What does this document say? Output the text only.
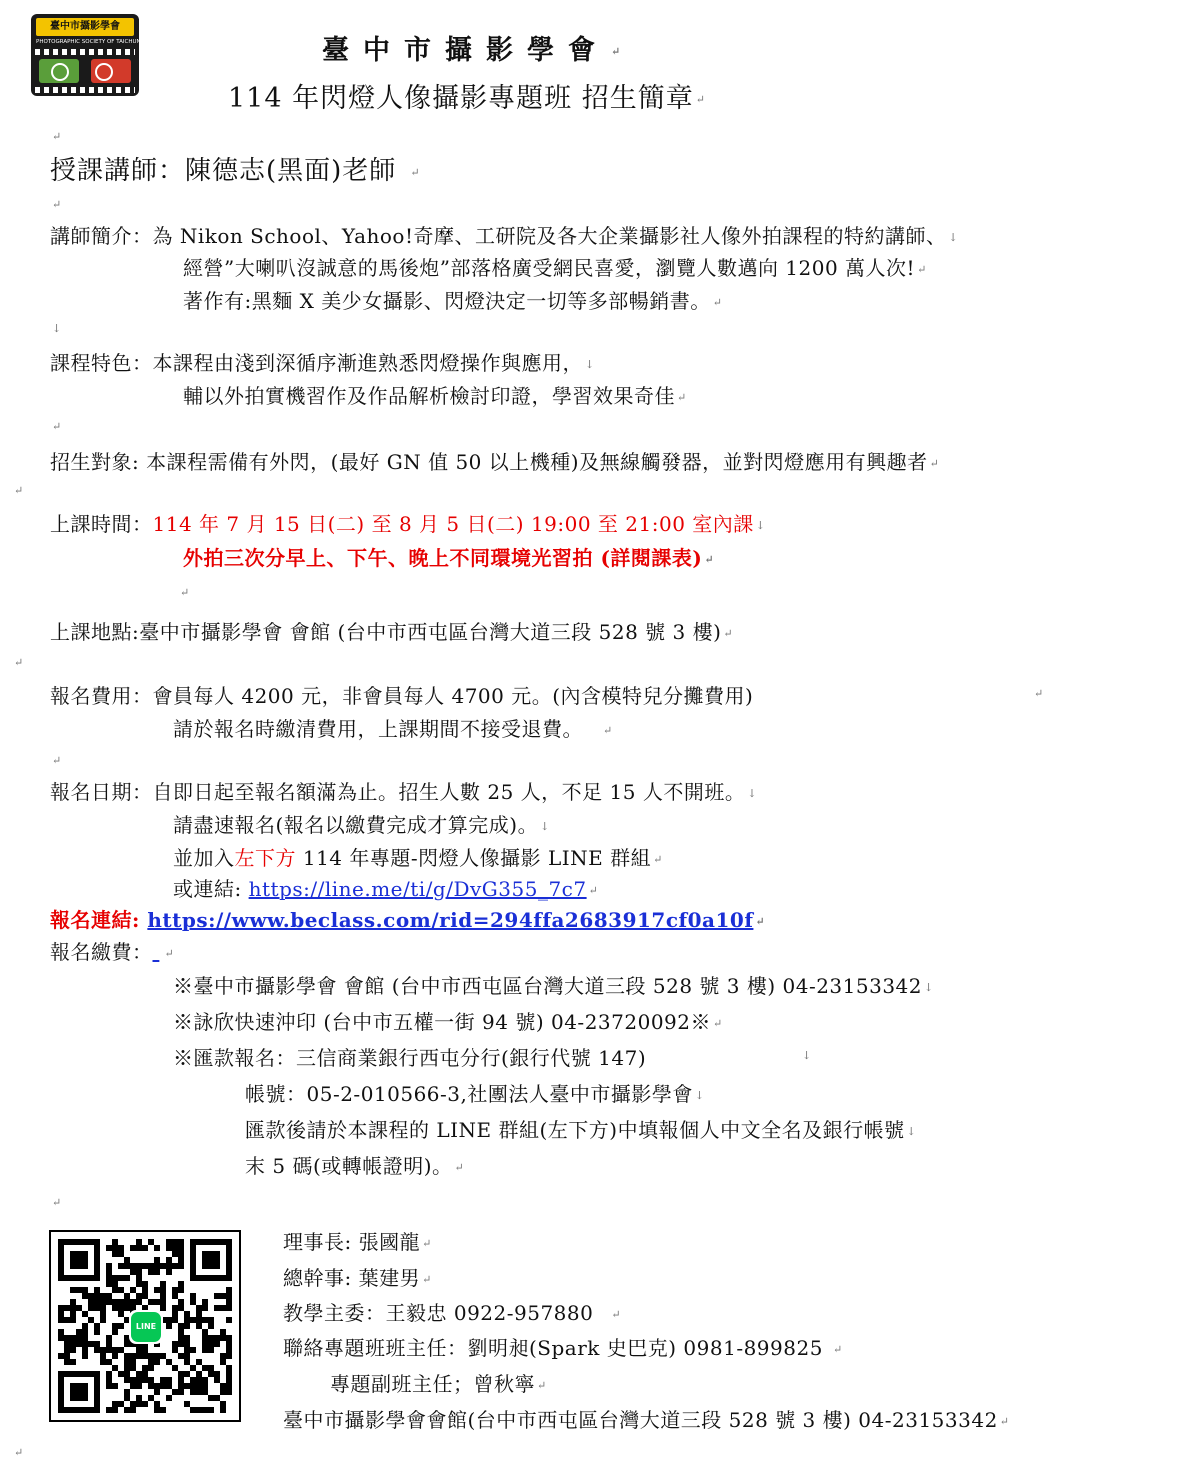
臺中市攝影學會
PHOTOGRAPHIC SOCIETY OF TAICHUNG	臺中市攝影學會 ↵
114 年閃燈人像攝影專題班 招生簡章 ↵
↵
授課講師：陳德志(黑面)老師 ↵
↵
講師簡介：為 Nikon School、Yahoo!奇摩、工研院及各大企業攝影社人像外拍課程的特約講師、 ↓
經營”大喇叭沒誠意的馬後炮”部落格廣受網民喜愛，瀏覽人數邁向 1200 萬人次! ↵
著作有:黑麵 X 美少女攝影、閃燈決定一切等多部暢銷書。 ↵
↓
課程特色：本課程由淺到深循序漸進熟悉閃燈操作與應用， ↓
輔以外拍實機習作及作品解析檢討印證，學習效果奇佳 ↵
↵
招生對象: 本課程需備有外閃，(最好 GN 值 50 以上機種)及無線觸發器，並對閃燈應用有興趣者 ↵
↵
上課時間：114 年 7 月 15 日(二) 至 8 月 5 日(二) 19:00 至 21:00 室內課 ↓
外拍三次分早上、下午、晚上不同環境光習拍 (詳閱課表) ↵
↵
上課地點:臺中市攝影學會 會館 (台中市西屯區台灣大道三段 528 號 3 樓) ↵
↵
報名費用：會員每人 4200 元，非會員每人 4700 元。(內含模特兒分攤費用)	↵
請於報名時繳清費用，上課期間不接受退費。 ↵
↵
報名日期：自即日起至報名額滿為止。招生人數 25 人，不足 15 人不開班。 ↓
請盡速報名(報名以繳費完成才算完成)。 ↓
並加入左下方 114 年專題-閃燈人像攝影 LINE 群組 ↵
或連結: https://line.me/ti/g/DvG355_7c7 ↵
報名連結: https://www.beclass.com/rid=294ffa2683917cf0a10f ↵
報名繳費： ↵
※臺中市攝影學會 會館 (台中市西屯區台灣大道三段 528 號 3 樓) 04-23153342 ↓
※詠欣快速沖印 (台中市五權一街 94 號) 04-23720092※ ↵
※匯款報名：三信商業銀行西屯分行(銀行代號 147)	↓
帳號：05-2-010566-3,社團法人臺中市攝影學會 ↓
匯款後請於本課程的 LINE 群組(左下方)中填報個人中文全名及銀行帳號 ↓
末 5 碼(或轉帳證明)。 ↵
↵
LINE
理事長: 張國龍 ↵
總幹事: 葉建男 ↵
教學主委：王毅忠 0922-957880 ↵
聯絡專題班班主任：劉明昶(Spark 史巴克) 0981-899825 ↵
專題副班主任；曾秋寧 ↵
臺中市攝影學會會館(台中市西屯區台灣大道三段 528 號 3 樓) 04-23153342 ↵
↵
